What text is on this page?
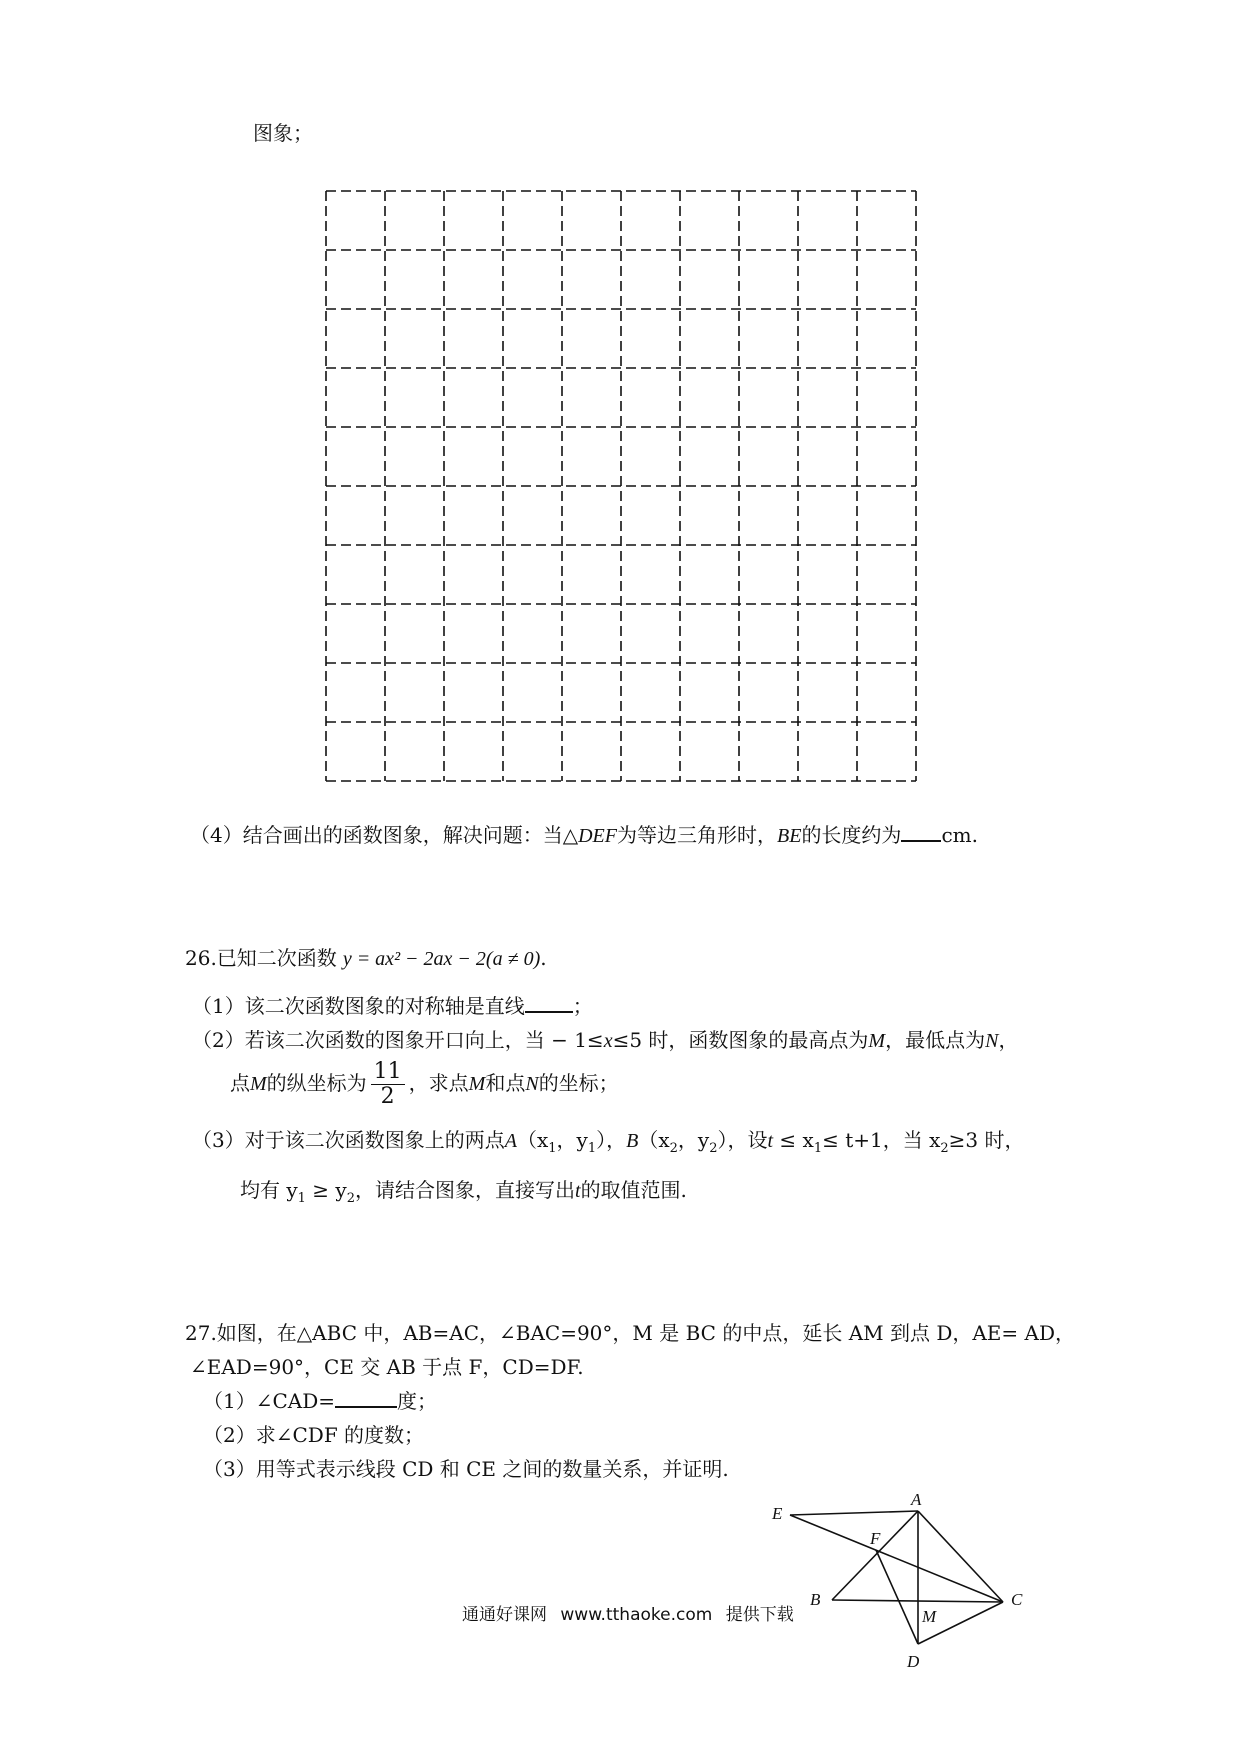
图象；
（4）结合画出的函数图象，解决问题：当△DEF为等边三角形时，BE的长度约为 cm.
26.已知二次函数 y = ax² − 2ax − 2(a ≠ 0).
（1）该二次函数图象的对称轴是直线 ；
（2）若该二次函数的图象开口向上，当 − 1≤x≤5 时，函数图象的最高点为M，最低点为N，
点M的纵坐标为 $\frac{11}{2}$ ，求点M和点N的坐标；
（3）对于该二次函数图象上的两点$A(x_1$，$y_1$），$B(x_2$，$y_2$），设$t \le x_1\le t+1$，当 $x_2\ge 3$ 时，
均有 $y_1 \ge y_2$，请结合图象，直接写出t的取值范围.
27.如图，在△ABC 中，AB=AC，∠BAC=90°，M 是 BC 的中点，延长 AM 到点 D，AE= AD，
∠EAD=90°，CE 交 AB 于点 F，CD=DF.
（1）∠CAD=	度；
（2）求∠CDF 的度数；
（3）用等式表示线段 CD 和 CE 之间的数量关系，并证明.
E
A
F
B
M
C
D
通通好课网 www.tthaoke.com 提供下载
